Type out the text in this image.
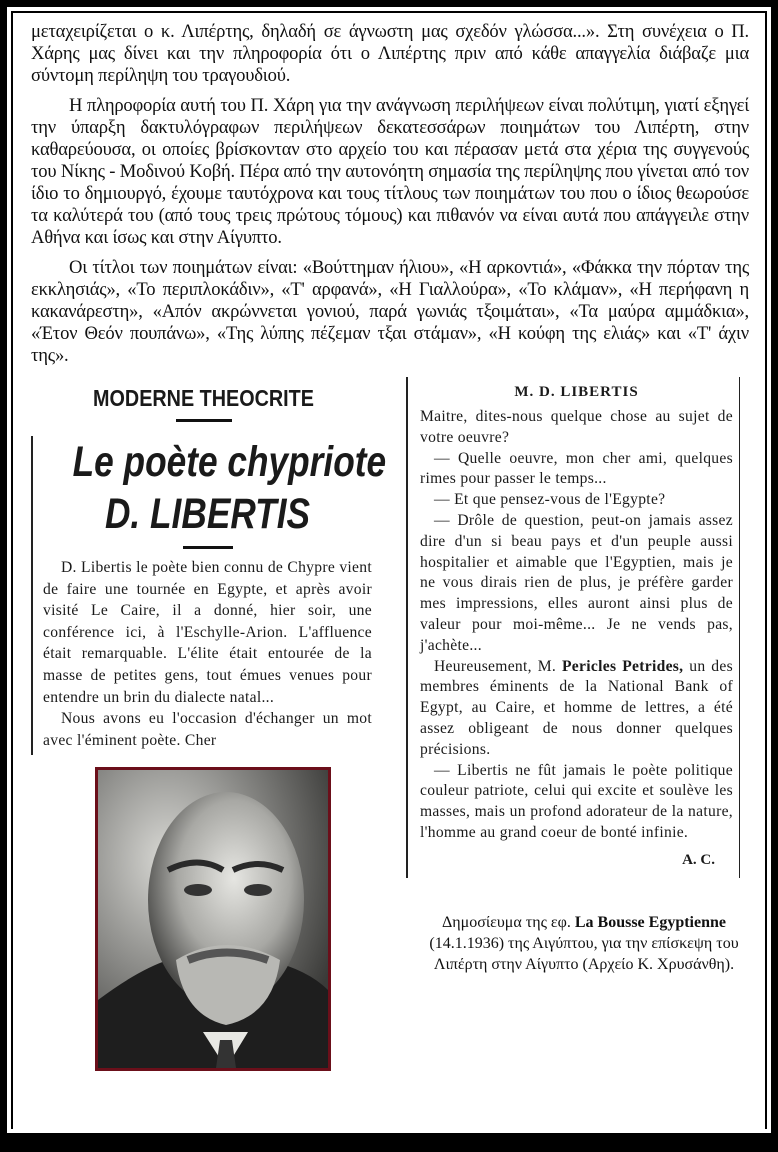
μεταχειρίζεται ο κ. Λιπέρτης, δηλαδή σε άγνωστη μας σχεδόν γλώσσα...». Στη συνέχεια ο Π. Χάρης μας δίνει και την πληροφορία ότι ο Λιπέρτης πριν από κάθε απαγγελία διάβαζε μια σύντομη περίληψη του τραγουδιού.

Η πληροφορία αυτή του Π. Χάρη για την ανάγνωση περιλήψεων είναι πολύτιμη, γιατί εξηγεί την ύπαρξη δακτυλόγραφων περιλήψεων δεκατεσσάρων ποιημάτων του Λιπέρτη, στην καθαρεύουσα, οι οποίες βρίσκονταν στο αρχείο του και πέρασαν μετά στα χέρια της συγγενούς του Νίκης - Μοδινού Κοβή. Πέρα από την αυτονόητη σημασία της περίληψης που γίνεται από τον ίδιο το δημιουργό, έχουμε ταυτόχρονα και τους τίτλους των ποιημάτων του που ο ίδιος θεωρούσε τα καλύτερά του (από τους τρεις πρώτους τόμους) και πιθανόν να είναι αυτά που απάγγειλε στην Αθήνα και ίσως και στην Αίγυπτο.

Οι τίτλοι των ποιημάτων είναι: «Βούττημαν ήλιου», «Η αρκοντιά», «Φάκκα την πόρταν της εκκλησιάς», «Το περιπλοκάδιν», «Τ' αρφανά», «Η Γιαλλούρα», «Το κλάμαν», «Η περήφανη η κακανάρεστη», «Απόν ακρώννεται γονιού, παρά γωνιάς τξοιμάται», «Τα μαύρα αμμάδκια», «Έτον Θεόν πουπάνω», «Της λύπης πέζεμαν τξαι στάμαν», «Η κούφη της ελιάς» και «Τ' άχιν της».

MODERNE THEOCRITE
Le poète chypriote
D. LIBERTIS

D. Libertis le poète bien connu de Chypre vient de faire une tournée en Egypte, et après avoir visité Le Caire, il a donné, hier soir, une conférence ici, à l'Eschylle-Arion. L'affluence était remarquable. L'élite était entourée de la masse de petites gens, tout émues venues pour entendre un brin du dialecte natal...

Nous avons eu l'occasion d'échanger un mot avec l'éminent poète. Cher

M. D. LIBERTIS

Maitre, dites-nous quelque chose au sujet de votre oeuvre?

— Quelle oeuvre, mon cher ami, quelques rimes pour passer le temps...

— Et que pensez-vous de l'Egypte?

— Drôle de question, peut-on jamais assez dire d'un si beau pays et d'un peuple aussi hospitalier et aimable que l'Egyptien, mais je ne vous dirais rien de plus, je préfère garder mes impressions, elles auront ainsi plus de valeur pour moi-même... Je ne vends pas, j'achète...

Heureusement, M. Pericles Petrides, un des membres éminents de la National Bank of Egypt, au Caire, et homme de lettres, a été assez obligeant de nous donner quelques précisions.

— Libertis ne fût jamais le poète politique couleur patriote, celui qui excite et soulève les masses, mais un profond adorateur de la nature, l'homme au grand coeur de bonté infinie.

A. C.
Δημοσίευμα της εφ. La Bousse Egyptienne (14.1.1936) της Αιγύπτου, για την επίσκεψη του Λιπέρτη στην Αίγυπτο (Αρχείο Κ. Χρυσάνθη).
